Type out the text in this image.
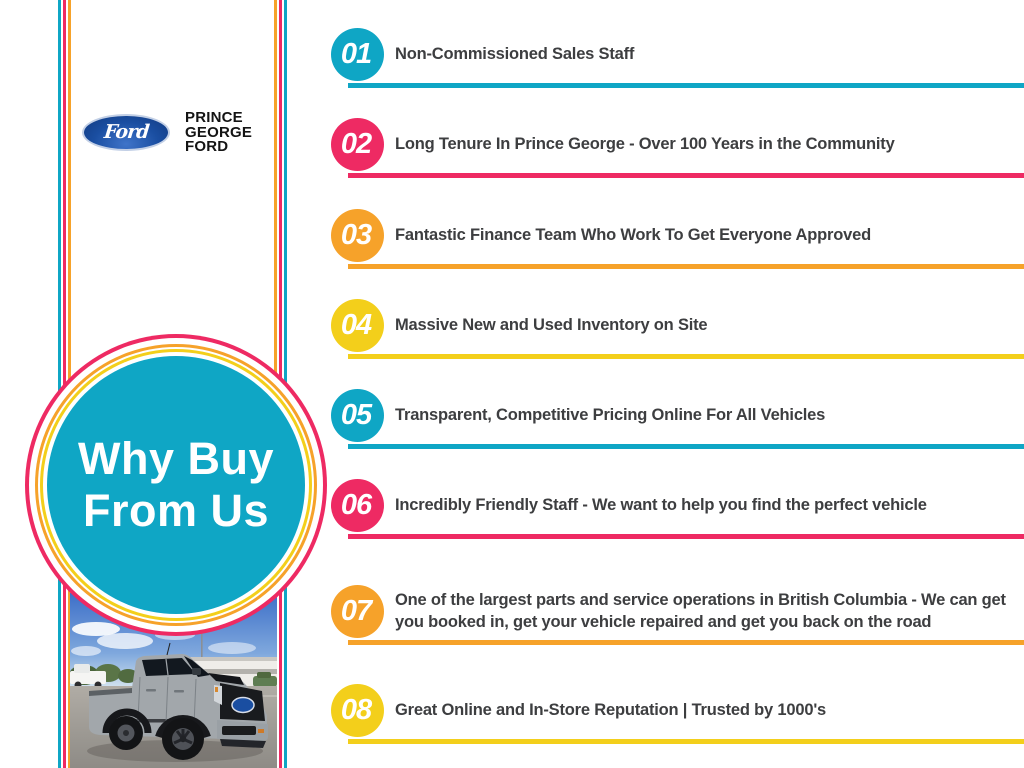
Ford
PRINCE
GEORGE
FORD
Why Buy
From Us
01 Non-Commissioned Sales Staff
02 Long Tenure In Prince George - Over 100 Years in the Community
03 Fantastic Finance Team Who Work To Get Everyone Approved
04 Massive New and Used Inventory on Site
05 Transparent, Competitive Pricing Online For All Vehicles
06 Incredibly Friendly Staff - We want to help you find the perfect vehicle
07 One of the largest parts and service operations in British Columbia - We can get you booked in, get your vehicle repaired and get you back on the road
08 Great Online and In-Store Reputation | Trusted by 1000's
